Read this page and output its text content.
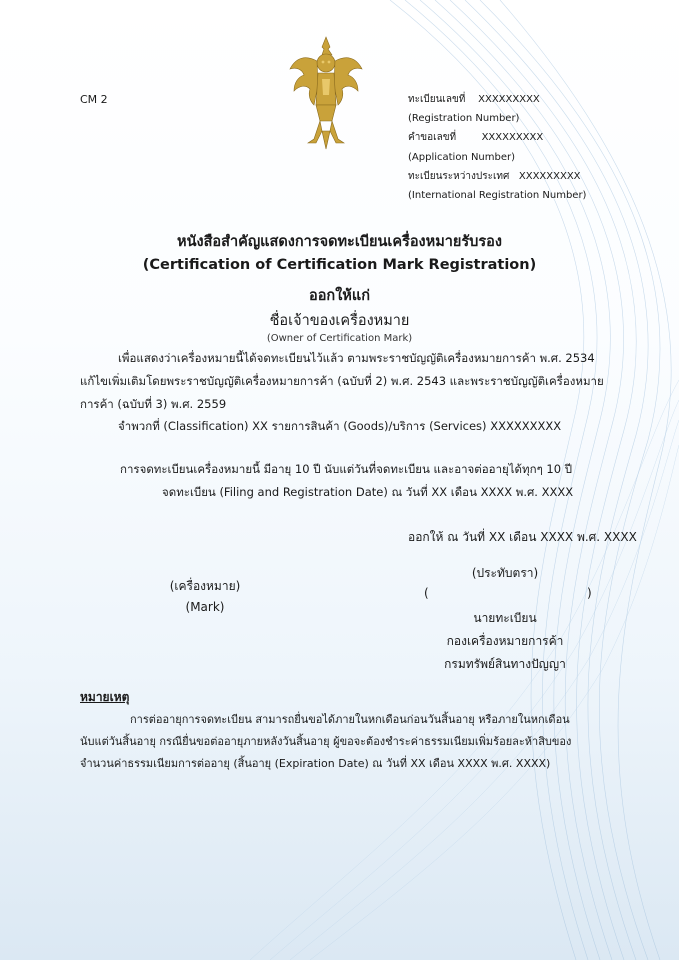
CM 2	ทะเบียนเลขที่ XXXXXXXXX
(Registration Number)
คำขอเลขที่	XXXXXXXXX
(Application Number)
ทะเบียนระหว่างประเทศ XXXXXXXXX
(International Registration Number)
หนังสือสำคัญแสดงการจดทะเบียนเครื่องหมายรับรอง
(Certification of Certification Mark Registration)
ออกให้แก่
ชื่อเจ้าของเครื่องหมาย
(Owner of Certification Mark)
เพื่อแสดงว่าเครื่องหมายนี้ได้จดทะเบียนไว้แล้ว ตามพระราชบัญญัติเครื่องหมายการค้า พ.ศ. 2534
แก้ไขเพิ่มเติมโดยพระราชบัญญัติเครื่องหมายการค้า (ฉบับที่ 2) พ.ศ. 2543 และพระราชบัญญัติเครื่องหมาย
การค้า (ฉบับที่ 3) พ.ศ. 2559
จำพวกที่ (Classification) XX รายการสินค้า (Goods)/บริการ (Services) XXXXXXXXX
การจดทะเบียนเครื่องหมายนี้ มีอายุ 10 ปี นับแต่วันที่จดทะเบียน และอาจต่ออายุได้ทุกๆ 10 ปี
จดทะเบียน (Filing and Registration Date) ณ วันที่ XX เดือน XXXX พ.ศ. XXXX
ออกให้ ณ วันที่ XX เดือน XXXX พ.ศ. XXXX
(เครื่องหมาย)
(Mark)
(ประทับตรา)
(	)
นายทะเบียน
กองเครื่องหมายการค้า
กรมทรัพย์สินทางปัญญา
หมายเหตุ
การต่ออายุการจดทะเบียน สามารถยื่นขอได้ภายในหกเดือนก่อนวันสิ้นอายุ หรือภายในหกเดือน
นับแต่วันสิ้นอายุ กรณียื่นขอต่ออายุภายหลังวันสิ้นอายุ ผู้ขอจะต้องชำระค่าธรรมเนียมเพิ่มร้อยละห้าสิบของ
จำนวนค่าธรรมเนียมการต่ออายุ (สิ้นอายุ (Expiration Date) ณ วันที่ XX เดือน XXXX พ.ศ. XXXX)
